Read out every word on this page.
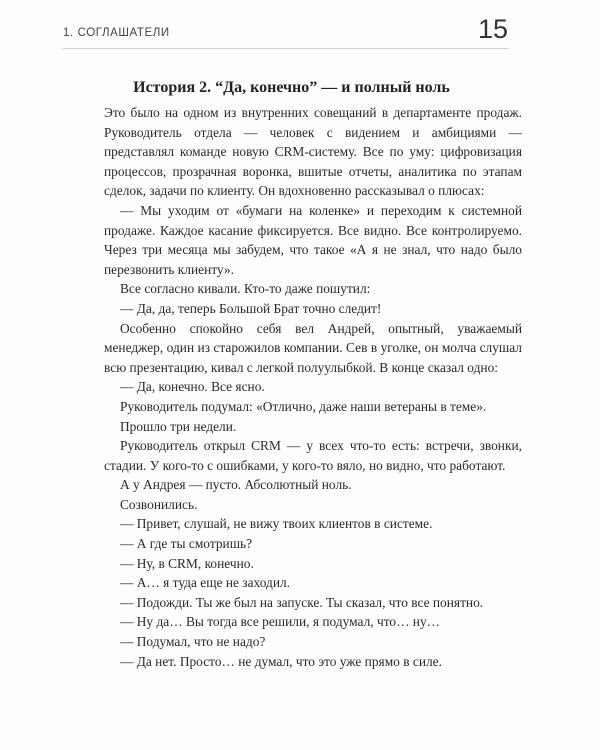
1. СОГЛАШАТЕЛИ	15
История 2. “Да, конечно” — и полный ноль

Это было на одном из внутренних совещаний в департаменте продаж. Руководитель отдела — человек с видением и амбициями — представлял команде новую CRM-систему. Все по уму: цифровизация процессов, прозрачная воронка, вшитые отчеты, аналитика по этапам сделок, задачи по клиенту. Он вдохновенно рассказывал о плюсах:

— Мы уходим от «бумаги на коленке» и переходим к системной продаже. Каждое касание фиксируется. Все видно. Все контролируемо. Через три месяца мы забудем, что такое «А я не знал, что надо было перезвонить клиенту».

Все согласно кивали. Кто-то даже пошутил:

— Да, да, теперь Большой Брат точно следит!

Особенно спокойно себя вел Андрей, опытный, уважаемый менеджер, один из старожилов компании. Сев в уголке, он молча слушал всю презентацию, кивал с легкой полуулыбкой. В конце сказал одно:

— Да, конечно. Все ясно.

Руководитель подумал: «Отлично, даже наши ветераны в теме».

Прошло три недели.

Руководитель открыл CRM — у всех что-то есть: встречи, звонки, стадии. У кого-то с ошибками, у кого-то вяло, но видно, что работают.

А у Андрея — пусто. Абсолютный ноль.

Созвонились.

— Привет, слушай, не вижу твоих клиентов в системе.

— А где ты смотришь?

— Ну, в CRM, конечно.

— А… я туда еще не заходил.

— Подожди. Ты же был на запуске. Ты сказал, что все понятно.

— Ну да… Вы тогда все решили, я подумал, что… ну…

— Подумал, что не надо?

— Да нет. Просто… не думал, что это уже прямо в силе.
